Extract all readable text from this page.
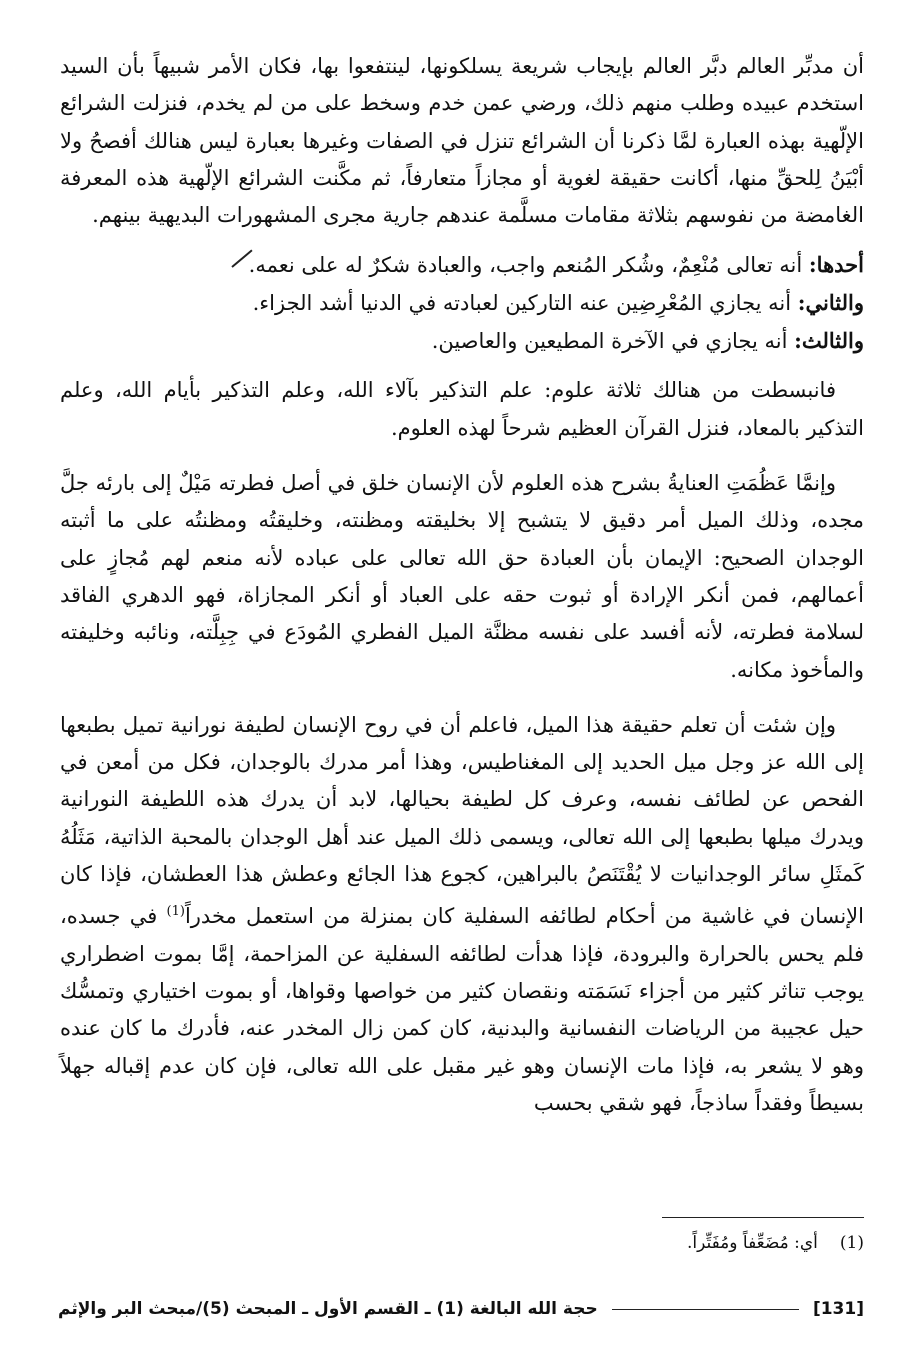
أن مدبِّر العالم دبَّر العالم بإيجاب شريعة يسلكونها، لينتفعوا بها، فكان الأمر شبيهاً بأن السيد استخدم عبيده وطلب منهم ذلك، ورضي عمن خدم وسخط على من لم يخدم، فنزلت الشرائع الإلّهية بهذه العبارة لمَّا ذكرنا أن الشرائع تنزل في الصفات وغيرها بعبارة ليس هنالك أفصحُ ولا أبْيَنُ لِلحقِّ منها، أكانت حقيقة لغوية أو مجازاً متعارفاً، ثم مكَّنت الشرائع الإلّهية هذه المعرفة الغامضة من نفوسهم بثلاثة مقامات مسلَّمة عندهم جارية مجرى المشهورات البديهية بينهم.

أحدها: أنه تعالى مُنْعِمٌ، وشُكر المُنعم واجب، والعبادة شكرٌ له على نعمه.

والثاني: أنه يجازي المُعْرِضِين عنه التاركين لعبادته في الدنيا أشد الجزاء.

والثالث: أنه يجازي في الآخرة المطيعين والعاصين.

فانبسطت من هنالك ثلاثة علوم: علم التذكير بآلاء الله، وعلم التذكير بأيام الله، وعلم التذكير بالمعاد، فنزل القرآن العظيم شرحاً لهذه العلوم.

وإنمَّا عَظُمَتِ العنايةُ بشرح هذه العلوم لأن الإنسان خلق في أصل فطرته مَيْلٌ إلى بارئه جلَّ مجده، وذلك الميل أمر دقيق لا يتشبح إلا بخليقته ومظنته، وخليقتُه ومظنتُه على ما أثبته الوجدان الصحيح: الإيمان بأن العبادة حق الله تعالى على عباده لأنه منعم لهم مُجازٍ على أعمالهم، فمن أنكر الإرادة أو ثبوت حقه على العباد أو أنكر المجازاة، فهو الدهري الفاقد لسلامة فطرته، لأنه أفسد على نفسه مظنَّة الميل الفطري المُودَع في جِبِلَّته، ونائبه وخليفته والمأخوذ مكانه.

وإن شئت أن تعلم حقيقة هذا الميل، فاعلم أن في روح الإنسان لطيفة نورانية تميل بطبعها إلى الله عز وجل ميل الحديد إلى المغناطيس، وهذا أمر مدرك بالوجدان، فكل من أمعن في الفحص عن لطائف نفسه، وعرف كل لطيفة بحيالها، لابد أن يدرك هذه اللطيفة النورانية ويدرك ميلها بطبعها إلى الله تعالى، ويسمى ذلك الميل عند أهل الوجدان بالمحبة الذاتية، مَثَلُهُ كَمثَلِ سائر الوجدانيات لا يُقْتَنَصُ بالبراهين، كجوع هذا الجائع وعطش هذا العطشان، فإذا كان الإنسان في غاشية من أحكام لطائفه السفلية كان بمنزلة من استعمل مخدراً$^{(1)}$ في جسده، فلم يحس بالحرارة والبرودة، فإذا هدأت لطائفه السفلية عن المزاحمة، إمَّا بموت اضطراري يوجب تناثر كثير من أجزاء نَسَمَته ونقصان كثير من خواصها وقواها، أو بموت اختياري وتمسُّك حيل عجيبة من الرياضات النفسانية والبدنية، كان كمن زال المخدر عنه، فأدرك ما كان عنده وهو لا يشعر به، فإذا مات الإنسان وهو غير مقبل على الله تعالى، فإن كان عدم إقباله جهلاً بسيطاً وفقداً ساذجاً، فهو شقي بحسب

(1)أي: مُضَعِّفاً ومُفَتِّراً.
[131]
حجة الله البالغة (1) ـ القسم الأول ـ المبحث (5)/مبحث البر والإثم
